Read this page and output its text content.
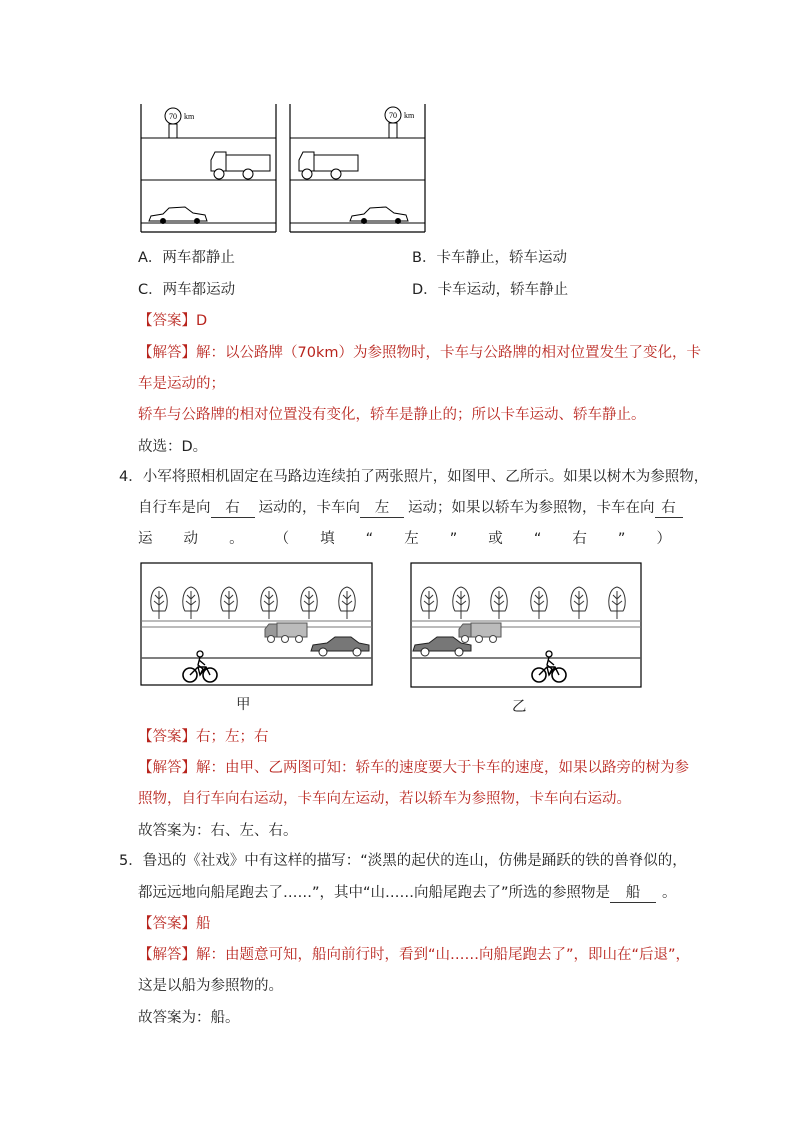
70 km	70 km
A．两车都静止	B．卡车静止，轿车运动
C．两车都运动	D．卡车运动，轿车静止
【答案】D
【解答】解：以公路牌（70km）为参照物时，卡车与公路牌的相对位置发生了变化，卡
车是运动的；
轿车与公路牌的相对位置没有变化，轿车是静止的；所以卡车运动、轿车静止。
故选：D。
4．小军将照相机固定在马路边连续拍了两张照片，如图甲、乙所示。如果以树木为参照物，
自行车是向 右 运动的，卡车向 左 运动；如果以轿车为参照物，卡车在向 右
运 动 。 （ 填 “ 左 ” 或 “ 右 ” ）
甲	乙
【答案】右；左；右
【解答】解：由甲、乙两图可知：轿车的速度要大于卡车的速度，如果以路旁的树为参
照物，自行车向右运动，卡车向左运动，若以轿车为参照物，卡车向右运动。
故答案为：右、左、右。
5．鲁迅的《社戏》中有这样的描写：“淡黑的起伏的连山，仿佛是踊跃的铁的兽脊似的，
都远远地向船尾跑去了……”，其中“山……向船尾跑去了”所选的参照物是 船 。
【答案】船
【解答】解：由题意可知，船向前行时，看到“山……向船尾跑去了”，即山在“后退”，
这是以船为参照物的。
故答案为：船。
